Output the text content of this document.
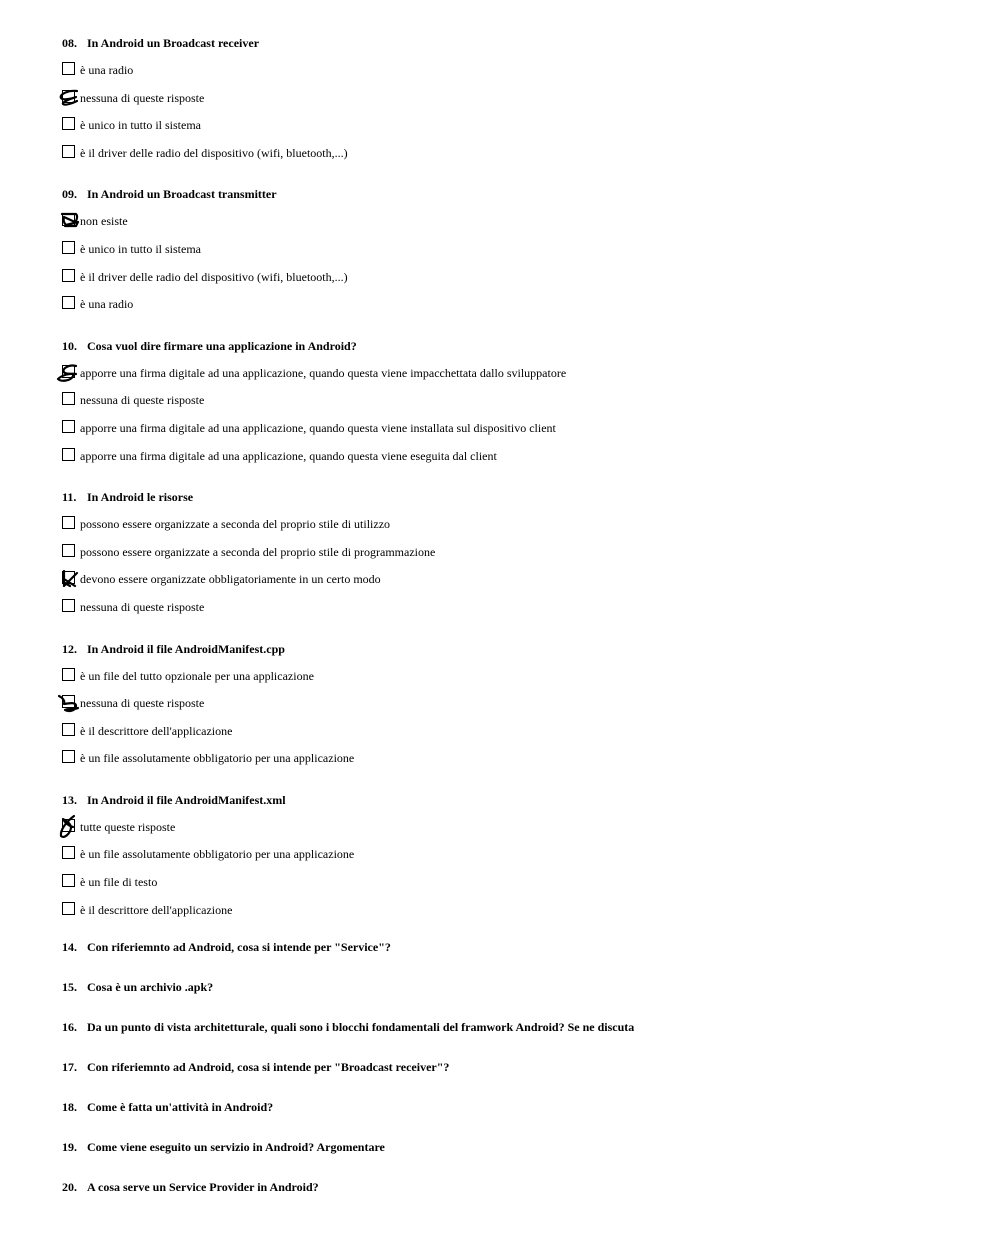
08. In Android un Broadcast receiver
è una radio
nessuna di queste risposte
è unico in tutto il sistema
è il driver delle radio del dispositivo (wifi, bluetooth,...)
09. In Android un Broadcast transmitter
non esiste
è unico in tutto il sistema
è il driver delle radio del dispositivo (wifi, bluetooth,...)
è una radio
10. Cosa vuol dire firmare una applicazione in Android?
apporre una firma digitale ad una applicazione, quando questa viene impacchettata dallo sviluppatore
nessuna di queste risposte
apporre una firma digitale ad una applicazione, quando questa viene installata sul dispositivo client
apporre una firma digitale ad una applicazione, quando questa viene eseguita dal client
11. In Android le risorse
possono essere organizzate a seconda del proprio stile di utilizzo
possono essere organizzate a seconda del proprio stile di programmazione
devono essere organizzate obbligatoriamente in un certo modo
nessuna di queste risposte
12. In Android il file AndroidManifest.cpp
è un file del tutto opzionale per una applicazione
nessuna di queste risposte
è il descrittore dell'applicazione
è un file assolutamente obbligatorio per una applicazione
13. In Android il file AndroidManifest.xml
tutte queste risposte
è un file assolutamente obbligatorio per una applicazione
è un file di testo
è il descrittore dell'applicazione
14. Con riferiemnto ad Android, cosa si intende per "Service"?
15. Cosa è un archivio .apk?
16. Da un punto di vista architetturale, quali sono i blocchi fondamentali del framwork Android? Se ne discuta
17. Con riferiemnto ad Android, cosa si intende per "Broadcast receiver"?
18. Come è fatta un'attività in Android?
19. Come viene eseguito un servizio in Android? Argomentare
20. A cosa serve un Service Provider in Android?
